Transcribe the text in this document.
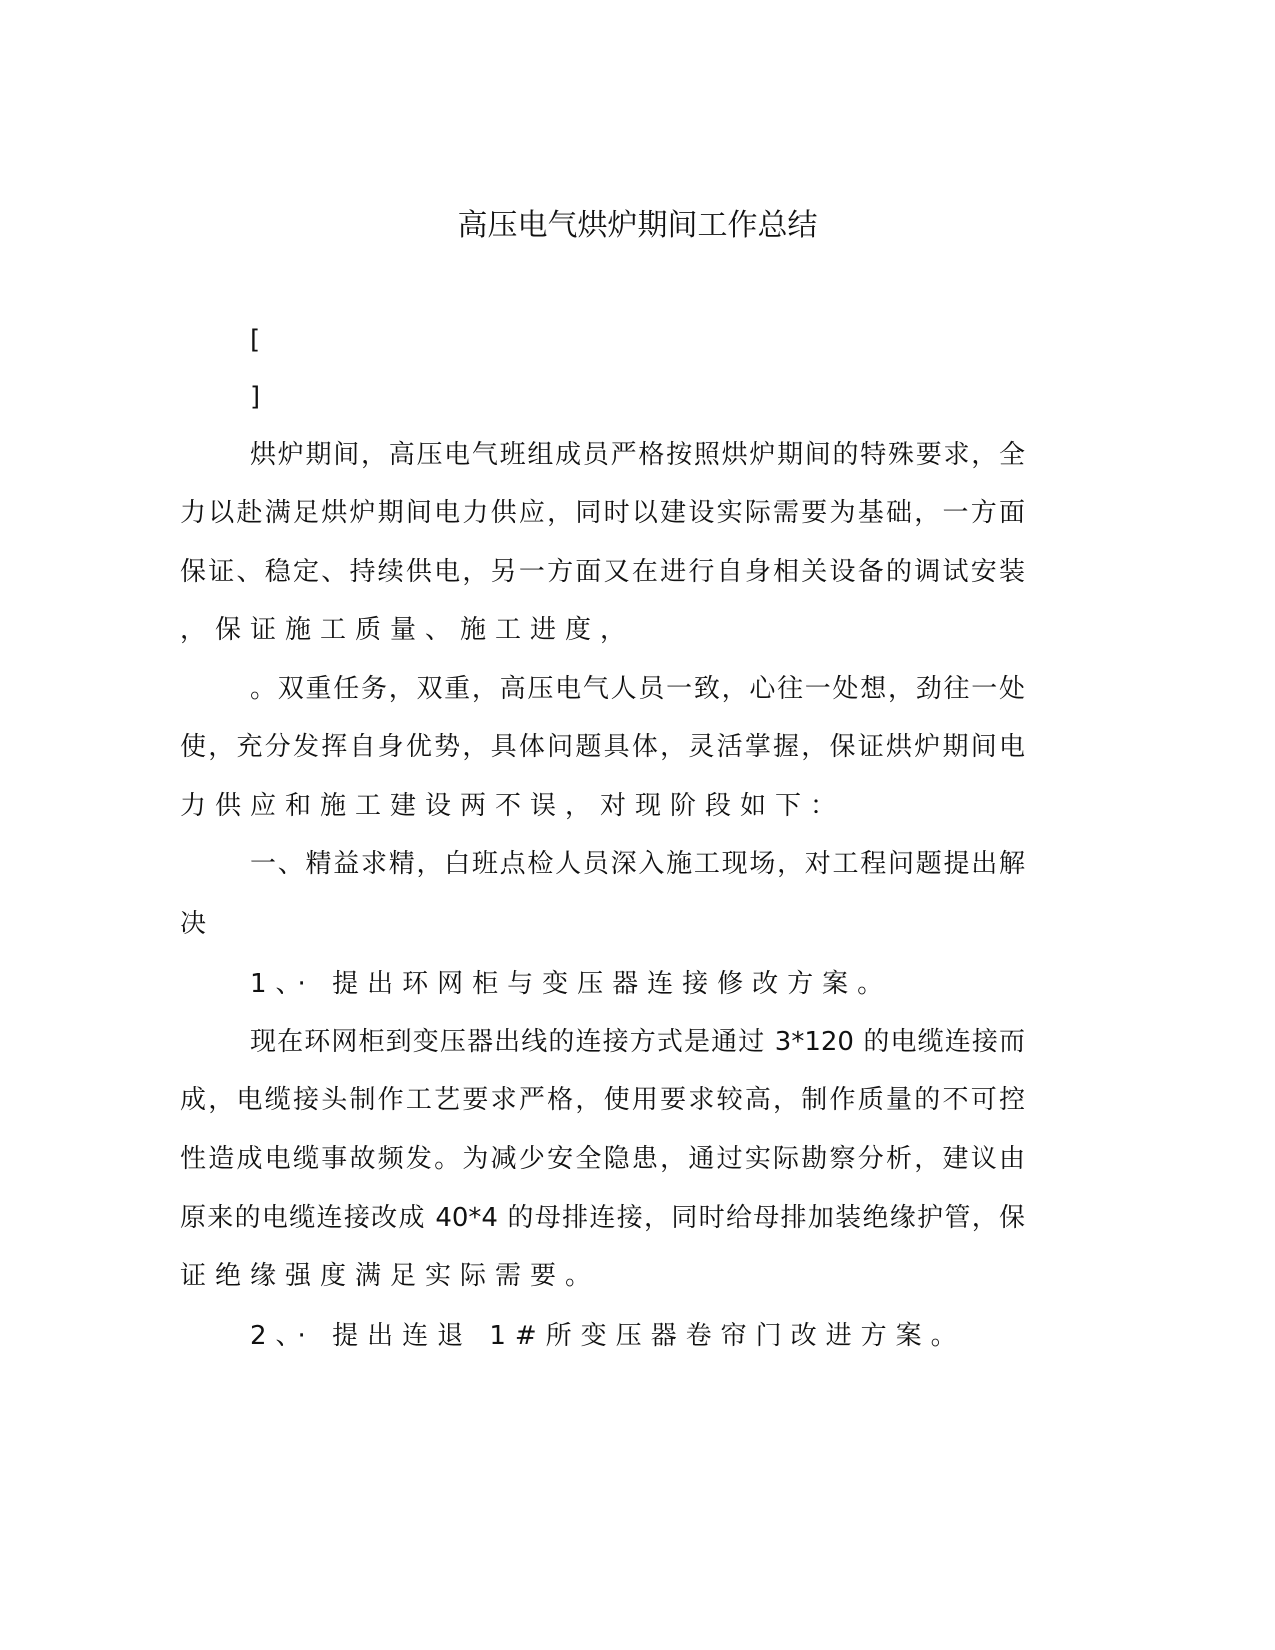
高压电气烘炉期间工作总结
[
]
烘炉期间，高压电气班组成员严格按照烘炉期间的特殊要求，全
力以赴满足烘炉期间电力供应，同时以建设实际需要为基础，一方面
保证、稳定、持续供电，另一方面又在进行自身相关设备的调试安装
，保证施工质量、施工进度，
。双重任务，双重，高压电气人员一致，心往一处想，劲往一处
使，充分发挥自身优势，具体问题具体，灵活掌握，保证烘炉期间电
力供应和施工建设两不误，对现阶段如下：
一、精益求精，白班点检人员深入施工现场，对工程问题提出解
决
1、· 提出环网柜与变压器连接修改方案。
现在环网柜到变压器出线的连接方式是通过 3*120 的电缆连接而
成，电缆接头制作工艺要求严格，使用要求较高，制作质量的不可控
性造成电缆事故频发。为减少安全隐患，通过实际勘察分析，建议由
原来的电缆连接改成 40*4 的母排连接，同时给母排加装绝缘护管，保
证绝缘强度满足实际需要。
2、· 提出连退 1#所变压器卷帘门改进方案。
